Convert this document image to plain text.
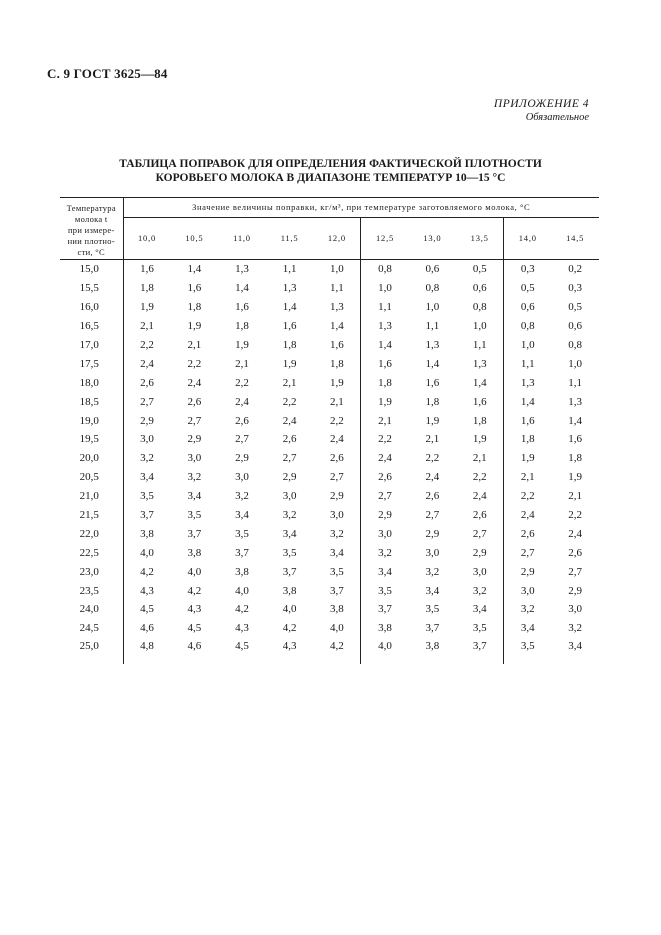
С. 9 ГОСТ 3625—84
ПРИЛОЖЕНИЕ 4
Обязательное
ТАБЛИЦА ПОПРАВОК ДЛЯ ОПРЕДЕЛЕНИЯ ФАКТИЧЕСКОЙ ПЛОТНОСТИ
КОРОВЬЕГО МОЛОКА В ДИАПАЗОНЕ ТЕМПЕРАТУР 10—15 °С
Температура
молока t
при измере-
нии плотно-
сти, °С	Значение величины поправки, кг/м³, при температуре заготовляемого молока, °С									
	10,0	10,5	11,0	11,5	12,0	12,5	13,0	13,5	14,0	14,5
15,0	1,6	1,4	1,3	1,1	1,0	0,8	0,6	0,5	0,3	0,2
15,5	1,8	1,6	1,4	1,3	1,1	1,0	0,8	0,6	0,5	0,3
16,0	1,9	1,8	1,6	1,4	1,3	1,1	1,0	0,8	0,6	0,5
16,5	2,1	1,9	1,8	1,6	1,4	1,3	1,1	1,0	0,8	0,6
17,0	2,2	2,1	1,9	1,8	1,6	1,4	1,3	1,1	1,0	0,8
17,5	2,4	2,2	2,1	1,9	1,8	1,6	1,4	1,3	1,1	1,0
18,0	2,6	2,4	2,2	2,1	1,9	1,8	1,6	1,4	1,3	1,1
18,5	2,7	2,6	2,4	2,2	2,1	1,9	1,8	1,6	1,4	1,3
19,0	2,9	2,7	2,6	2,4	2,2	2,1	1,9	1,8	1,6	1,4
19,5	3,0	2,9	2,7	2,6	2,4	2,2	2,1	1,9	1,8	1,6
20,0	3,2	3,0	2,9	2,7	2,6	2,4	2,2	2,1	1,9	1,8
20,5	3,4	3,2	3,0	2,9	2,7	2,6	2,4	2,2	2,1	1,9
21,0	3,5	3,4	3,2	3,0	2,9	2,7	2,6	2,4	2,2	2,1
21,5	3,7	3,5	3,4	3,2	3,0	2,9	2,7	2,6	2,4	2,2
22,0	3,8	3,7	3,5	3,4	3,2	3,0	2,9	2,7	2,6	2,4
22,5	4,0	3,8	3,7	3,5	3,4	3,2	3,0	2,9	2,7	2,6
23,0	4,2	4,0	3,8	3,7	3,5	3,4	3,2	3,0	2,9	2,7
23,5	4,3	4,2	4,0	3,8	3,7	3,5	3,4	3,2	3,0	2,9
24,0	4,5	4,3	4,2	4,0	3,8	3,7	3,5	3,4	3,2	3,0
24,5	4,6	4,5	4,3	4,2	4,0	3,8	3,7	3,5	3,4	3,2
25,0	4,8	4,6	4,5	4,3	4,2	4,0	3,8	3,7	3,5	3,4
